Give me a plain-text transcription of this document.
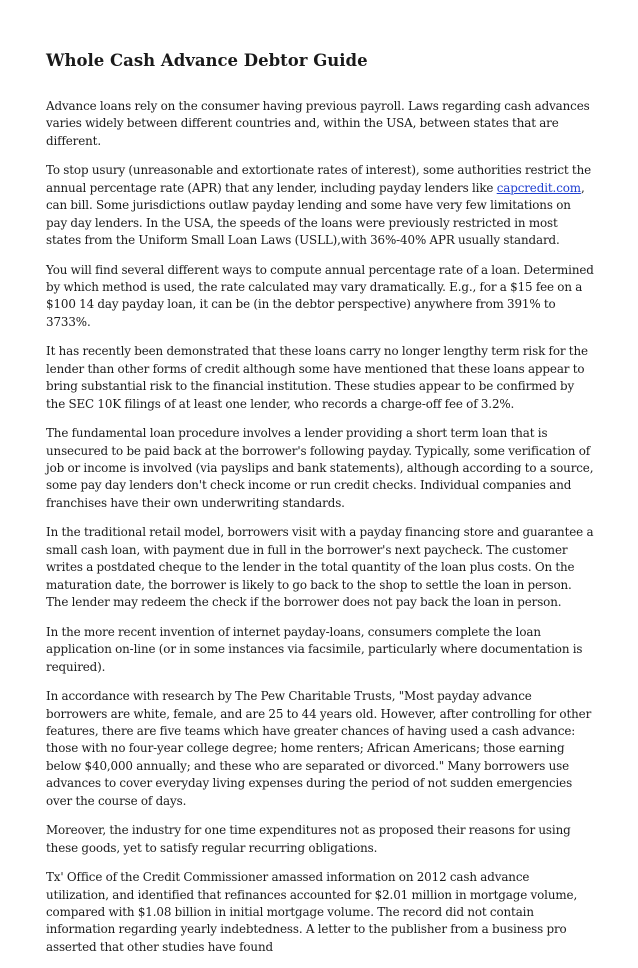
Whole Cash Advance Debtor Guide

Advance loans rely on the consumer having previous payroll. Laws regarding cash advances varies widely between different countries and, within the USA, between states that are different.

To stop usury (unreasonable and extortionate rates of interest), some authorities restrict the annual percentage rate (APR) that any lender, including payday lenders like capcredit.com, can bill. Some jurisdictions outlaw payday lending and some have very few limitations on pay day lenders. In the USA, the speeds of the loans were previously restricted in most states from the Uniform Small Loan Laws (USLL),with 36%-40% APR usually standard.

You will find several different ways to compute annual percentage rate of a loan. Determined by which method is used, the rate calculated may vary dramatically. E.g., for a $15 fee on a $100 14 day payday loan, it can be (in the debtor perspective) anywhere from 391% to 3733%.

It has recently been demonstrated that these loans carry no longer lengthy term risk for the lender than other forms of credit although some have mentioned that these loans appear to bring substantial risk to the financial institution. These studies appear to be confirmed by the SEC 10K filings of at least one lender, who records a charge-off fee of 3.2%.

The fundamental loan procedure involves a lender providing a short term loan that is unsecured to be paid back at the borrower's following payday. Typically, some verification of job or income is involved (via payslips and bank statements), although according to a source, some pay day lenders don't check income or run credit checks. Individual companies and franchises have their own underwriting standards.

In the traditional retail model, borrowers visit with a payday financing store and guarantee a small cash loan, with payment due in full in the borrower's next paycheck. The customer writes a postdated cheque to the lender in the total quantity of the loan plus costs. On the maturation date, the borrower is likely to go back to the shop to settle the loan in person. The lender may redeem the check if the borrower does not pay back the loan in person.

In the more recent invention of internet payday-loans, consumers complete the loan application on-line (or in some instances via facsimile, particularly where documentation is required).

In accordance with research by The Pew Charitable Trusts, "Most payday advance borrowers are white, female, and are 25 to 44 years old. However, after controlling for other features, there are five teams which have greater chances of having used a cash advance: those with no four-year college degree; home renters; African Americans; those earning below $40,000 annually; and these who are separated or divorced." Many borrowers use advances to cover everyday living expenses during the period of not sudden emergencies over the course of days.

Moreover, the industry for one time expenditures not as proposed their reasons for using these goods, yet to satisfy regular recurring obligations.

Tx' Office of the Credit Commissioner amassed information on 2012 cash advance utilization, and identified that refinances accounted for $2.01 million in mortgage volume, compared with $1.08 billion in initial mortgage volume. The record did not contain information regarding yearly indebtedness. A letter to the publisher from a business pro asserted that other studies have found
